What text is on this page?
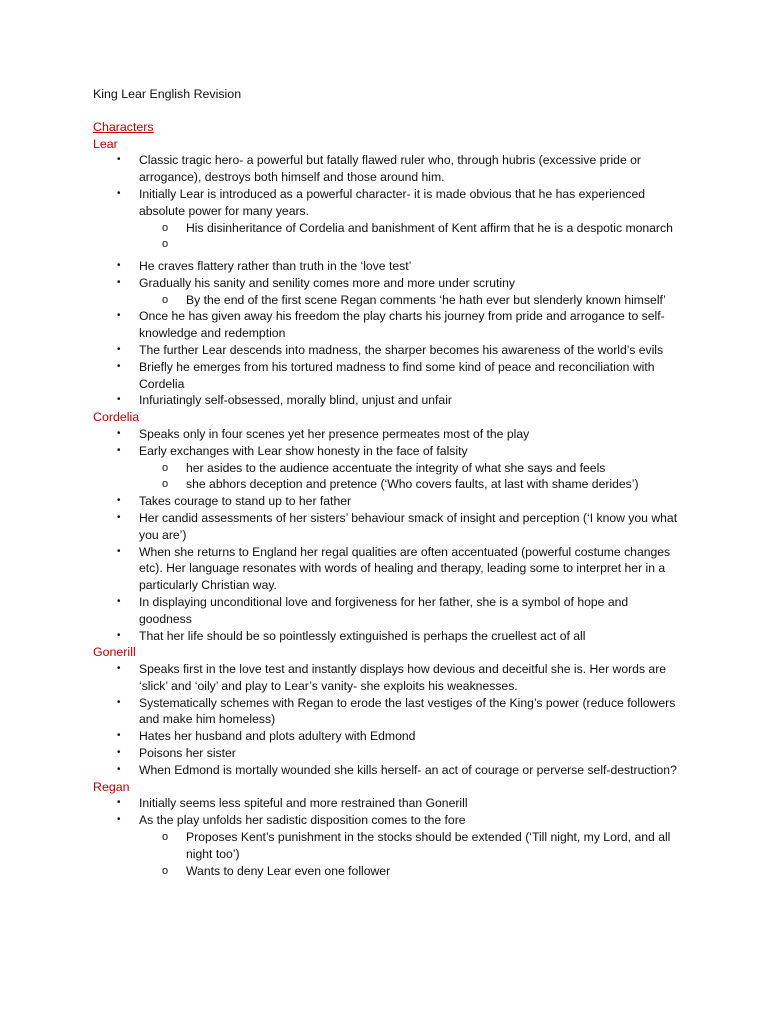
King Lear English Revision
Characters
Lear
• Classic tragic hero- a powerful but fatally flawed ruler who, through hubris (excessive pride or arrogance), destroys both himself and those around him.
• Initially Lear is introduced as a powerful character- it is made obvious that he has experienced absolute power for many years.
o His disinheritance of Cordelia and banishment of Kent affirm that he is a despotic monarch
o
• He craves flattery rather than truth in the ‘love test’
• Gradually his sanity and senility comes more and more under scrutiny
o By the end of the first scene Regan comments ‘he hath ever but slenderly known himself’
• Once he has given away his freedom the play charts his journey from pride and arrogance to self-knowledge and redemption
• The further Lear descends into madness, the sharper becomes his awareness of the world’s evils
• Briefly he emerges from his tortured madness to find some kind of peace and reconciliation with Cordelia
• Infuriatingly self-obsessed, morally blind, unjust and unfair
Cordelia
• Speaks only in four scenes yet her presence permeates most of the play
• Early exchanges with Lear show honesty in the face of falsity
o her asides to the audience accentuate the integrity of what she says and feels
o she abhors deception and pretence (‘Who covers faults, at last with shame derides’)
• Takes courage to stand up to her father
• Her candid assessments of her sisters’ behaviour smack of insight and perception (‘I know you what you are’)
• When she returns to England her regal qualities are often accentuated (powerful costume changes etc). Her language resonates with words of healing and therapy, leading some to interpret her in a particularly Christian way.
• In displaying unconditional love and forgiveness for her father, she is a symbol of hope and goodness
• That her life should be so pointlessly extinguished is perhaps the cruellest act of all
Gonerill
• Speaks first in the love test and instantly displays how devious and deceitful she is. Her words are ‘slick’ and ‘oily’ and play to Lear’s vanity- she exploits his weaknesses.
• Systematically schemes with Regan to erode the last vestiges of the King’s power (reduce followers and make him homeless)
• Hates her husband and plots adultery with Edmond
• Poisons her sister
• When Edmond is mortally wounded she kills herself- an act of courage or perverse self-destruction?
Regan
• Initially seems less spiteful and more restrained than Gonerill
• As the play unfolds her sadistic disposition comes to the fore
o Proposes Kent’s punishment in the stocks should be extended (‘Till night, my Lord, and all night too’)
o Wants to deny Lear even one follower
